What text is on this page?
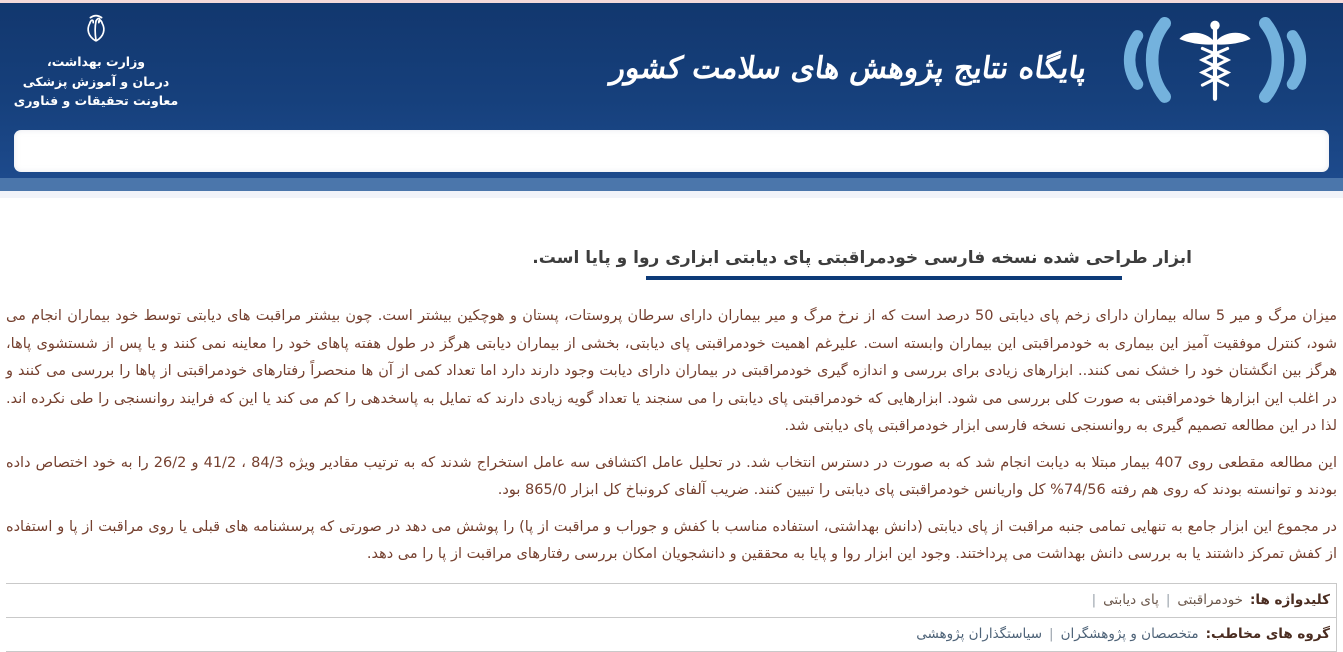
وزارت بهداشت،
درمان و آموزش پزشکی
معاونت تحقیقات و فناوری
پایگاه نتایج پژوهش های سلامت کشور
ابزار طراحی شده نسخه فارسی خودمراقبتی پای دیابتی ابزاری روا و پایا است.

میزان مرگ و میر 5 ساله بیماران دارای زخم پای دیابتی 50 درصد است که از نرخ مرگ و میر بیماران دارای سرطان پروستات، پستان و هوچکین بیشتر است. چون بیشتر مراقبت های دیابتی توسط خود بیماران انجام می شود، کنترل موفقیت آمیز این بیماری به خودمراقبتی این بیماران وابسته است. علیرغم اهمیت خودمراقبتی پای دیابتی، بخشی از بیماران دیابتی هرگز در طول هفته پاهای خود را معاینه نمی کنند و یا پس از شستشوی پاها، هرگز بین انگشتان خود را خشک نمی کنند.. ابزارهای زیادی برای بررسی و اندازه گیری خودمراقبتی در بیماران دارای دیابت وجود دارند دارد اما تعداد کمی از آن ها منحصراً رفتارهای خودمراقبتی از پاها را بررسی می کنند و در اغلب این ابزارها خودمراقبتی به صورت کلی بررسی می شود. ابزارهایی که خودمراقبتی پای دیابتی را می سنجند یا تعداد گویه زیادی دارند که تمایل به پاسخدهی را کم می کند یا این که فرایند روانسنجی را طی نکرده اند. لذا در این مطالعه تصمیم گیری به روانسنجی نسخه فارسی ابزار خودمراقبتی پای دیابتی شد.

این مطالعه مقطعی روی 407 بیمار مبتلا به دیابت انجام شد که به صورت در دسترس انتخاب شد. در تحلیل عامل اکتشافی سه عامل استخراج شدند که به ترتیب مقادیر ویژه 84/3 ، 41/2 و 26/2 را به خود اختصاص داده بودند و توانسته بودند که روی هم رفته 74/56% کل واریانس خودمراقبتی پای دیابتی را تبیین کنند. ضریب آلفای کرونباخ کل ابزار 865/0 بود.

در مجموع این ابزار جامع به تنهایی تمامی جنبه مراقبت از پای دیابتی (دانش بهداشتی، استفاده مناسب با کفش و جوراب و مراقبت از پا) را پوشش می دهد در صورتی که پرسشنامه های قبلی یا روی مراقبت از پا و استفاده از کفش تمرکز داشتند یا به بررسی دانش بهداشت می پرداختند. وجود این ابزار روا و پایا به محققین و دانشجویان امکان بررسی رفتارهای مراقبت از پا را می دهد.

کلیدواژه ها:
خودمراقبتی
|
پای دیابتی
|
گروه های مخاطب:
متخصصان و پژوهشگران
|
سیاستگذاران پژوهشی
